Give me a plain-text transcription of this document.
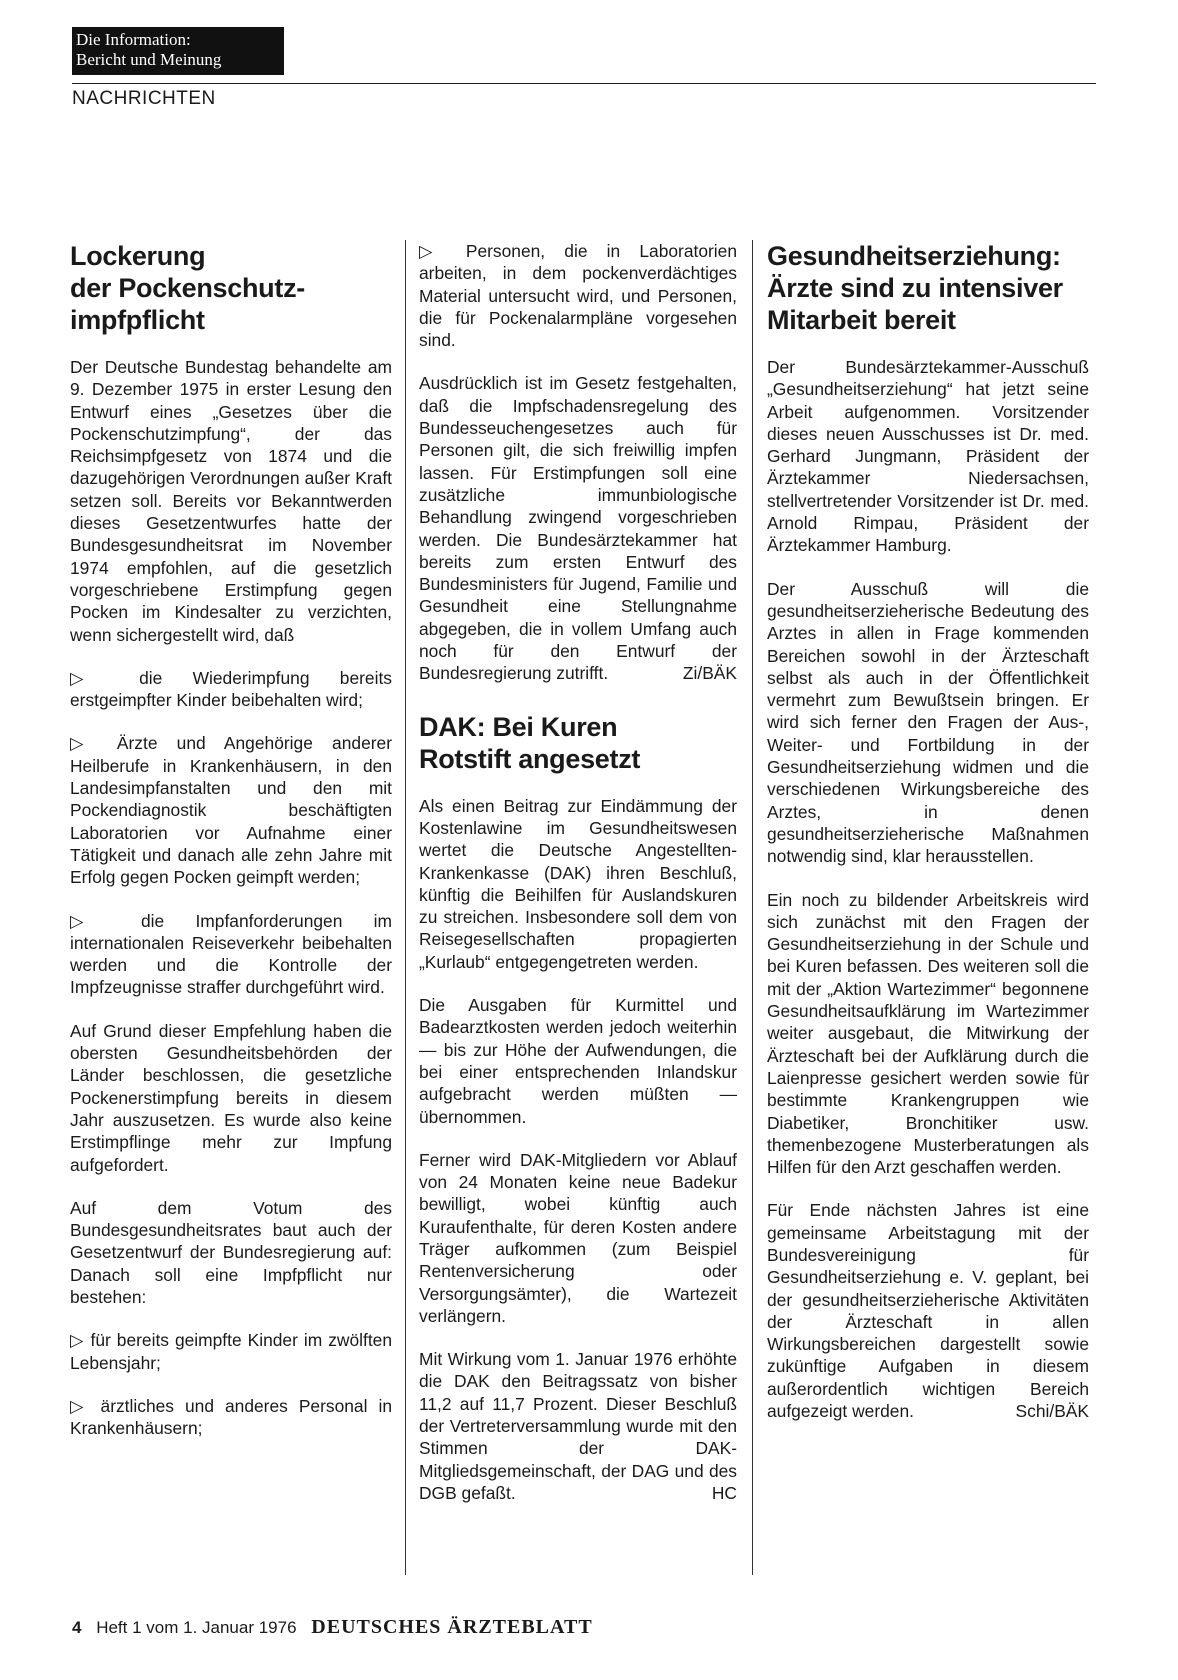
Die Information:
Bericht und Meinung
NACHRICHTEN
Lockerung
der Pockenschutz-
impfpflicht

Der Deutsche Bundestag behandelte am 9. Dezember 1975 in erster Lesung den Entwurf eines „Gesetzes über die Pockenschutzimpfung“, der das Reichsimpfgesetz von 1874 und die dazugehörigen Verordnungen außer Kraft setzen soll. Bereits vor Bekanntwerden dieses Gesetzentwurfes hatte der Bundesgesundheitsrat im November 1974 empfohlen, auf die gesetzlich vorgeschriebene Erstimpfung gegen Pocken im Kindesalter zu verzichten, wenn sichergestellt wird, daß

▷ die Wiederimpfung bereits erstgeimpfter Kinder beibehalten wird;

▷ Ärzte und Angehörige anderer Heilberufe in Krankenhäusern, in den Landesimpfanstalten und den mit Pockendiagnostik beschäftigten Laboratorien vor Aufnahme einer Tätigkeit und danach alle zehn Jahre mit Erfolg gegen Pocken geimpft werden;

▷ die Impfanforderungen im internationalen Reiseverkehr beibehalten werden und die Kontrolle der Impfzeugnisse straffer durchgeführt wird.

Auf Grund dieser Empfehlung haben die obersten Gesundheitsbehörden der Länder beschlossen, die gesetzliche Pockenerstimpfung bereits in diesem Jahr auszusetzen. Es wurde also keine Erstimpflinge mehr zur Impfung aufgefordert.

Auf dem Votum des Bundesgesundheitsrates baut auch der Gesetzentwurf der Bundesregierung auf: Danach soll eine Impfpflicht nur bestehen:

▷ für bereits geimpfte Kinder im zwölften Lebensjahr;

▷ ärztliches und anderes Personal in Krankenhäusern;

▷ Personen, die in Laboratorien arbeiten, in dem pockenverdächtiges Material untersucht wird, und Personen, die für Pockenalarmpläne vorgesehen sind.

Ausdrücklich ist im Gesetz festgehalten, daß die Impfschadensregelung des Bundesseuchengesetzes auch für Personen gilt, die sich freiwillig impfen lassen. Für Erstimpfungen soll eine zusätzliche immunbiologische Behandlung zwingend vorgeschrieben werden. Die Bundesärztekammer hat bereits zum ersten Entwurf des Bundesministers für Jugend, Familie und Gesundheit eine Stellungnahme abgegeben, die in vollem Umfang auch noch für den Entwurf der Bundesregierung zutrifft.	Zi/BÄK

DAK: Bei Kuren
Rotstift angesetzt

Als einen Beitrag zur Eindämmung der Kostenlawine im Gesundheitswesen wertet die Deutsche Angestellten-Krankenkasse (DAK) ihren Beschluß, künftig die Beihilfen für Auslandskuren zu streichen. Insbesondere soll dem von Reisegesellschaften propagierten „Kurlaub“ entgegengetreten werden.

Die Ausgaben für Kurmittel und Badearztkosten werden jedoch weiterhin — bis zur Höhe der Aufwendungen, die bei einer entsprechenden Inlandskur aufgebracht werden müßten — übernommen.

Ferner wird DAK-Mitgliedern vor Ablauf von 24 Monaten keine neue Badekur bewilligt, wobei künftig auch Kuraufenthalte, für deren Kosten andere Träger aufkommen (zum Beispiel Rentenversicherung oder Versorgungsämter), die Wartezeit verlängern.

Mit Wirkung vom 1. Januar 1976 erhöhte die DAK den Beitragssatz von bisher 11,2 auf 11,7 Prozent. Dieser Beschluß der Vertreterversammlung wurde mit den Stimmen der DAK-Mitgliedsgemeinschaft, der DAG und des DGB gefaßt.	HC

Gesundheitserziehung:
Ärzte sind zu intensiver
Mitarbeit bereit

Der Bundesärztekammer-Ausschuß „Gesundheitserziehung“ hat jetzt seine Arbeit aufgenommen. Vorsitzender dieses neuen Ausschusses ist Dr. med. Gerhard Jungmann, Präsident der Ärztekammer Niedersachsen, stellvertretender Vorsitzender ist Dr. med. Arnold Rimpau, Präsident der Ärztekammer Hamburg.

Der Ausschuß will die gesundheitserzieherische Bedeutung des Arztes in allen in Frage kommenden Bereichen sowohl in der Ärzteschaft selbst als auch in der Öffentlichkeit vermehrt zum Bewußtsein bringen. Er wird sich ferner den Fragen der Aus-, Weiter- und Fortbildung in der Gesundheitserziehung widmen und die verschiedenen Wirkungsbereiche des Arztes, in denen gesundheitserzieherische Maßnahmen notwendig sind, klar herausstellen.

Ein noch zu bildender Arbeitskreis wird sich zunächst mit den Fragen der Gesundheitserziehung in der Schule und bei Kuren befassen. Des weiteren soll die mit der „Aktion Wartezimmer“ begonnene Gesundheitsaufklärung im Wartezimmer weiter ausgebaut, die Mitwirkung der Ärzteschaft bei der Aufklärung durch die Laienpresse gesichert werden sowie für bestimmte Krankengruppen wie Diabetiker, Bronchitiker usw. themenbezogene Musterberatungen als Hilfen für den Arzt geschaffen werden.

Für Ende nächsten Jahres ist eine gemeinsame Arbeitstagung mit der Bundesvereinigung für Gesundheitserziehung e. V. geplant, bei der gesundheitserzieherische Aktivitäten der Ärzteschaft in allen Wirkungsbereichen dargestellt sowie zukünftige Aufgaben in diesem außerordentlich wichtigen Bereich aufgezeigt werden.	Schi/BÄK

4 Heft 1 vom 1. Januar 1976 DEUTSCHES ÄRZTEBLATT
